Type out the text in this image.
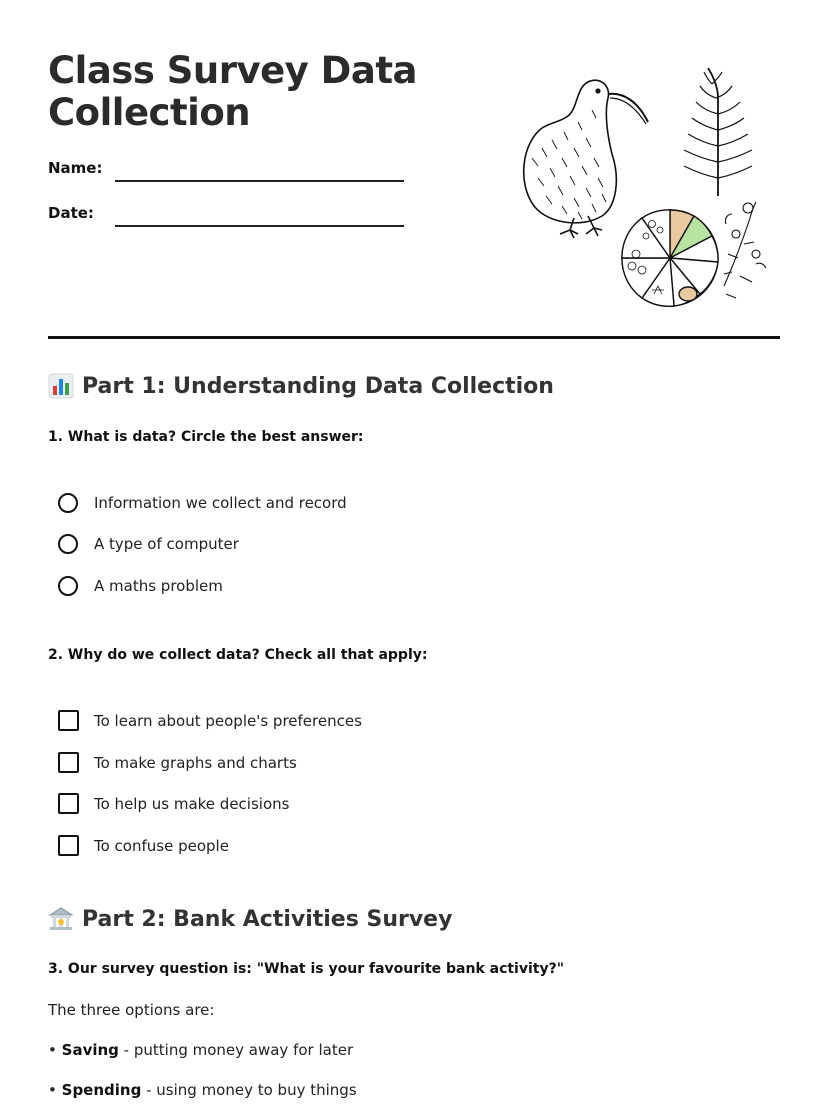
Class Survey Data Collection
Name:
Date:
Part 1: Understanding Data Collection
1. What is data? Circle the best answer:
Information we collect and record
A type of computer
A maths problem
2. Why do we collect data? Check all that apply:
To learn about people's preferences
To make graphs and charts
To help us make decisions
To confuse people
Part 2: Bank Activities Survey
3. Our survey question is: "What is your favourite bank activity?"
The three options are:
• Saving - putting money away for later
• Spending - using money to buy things
